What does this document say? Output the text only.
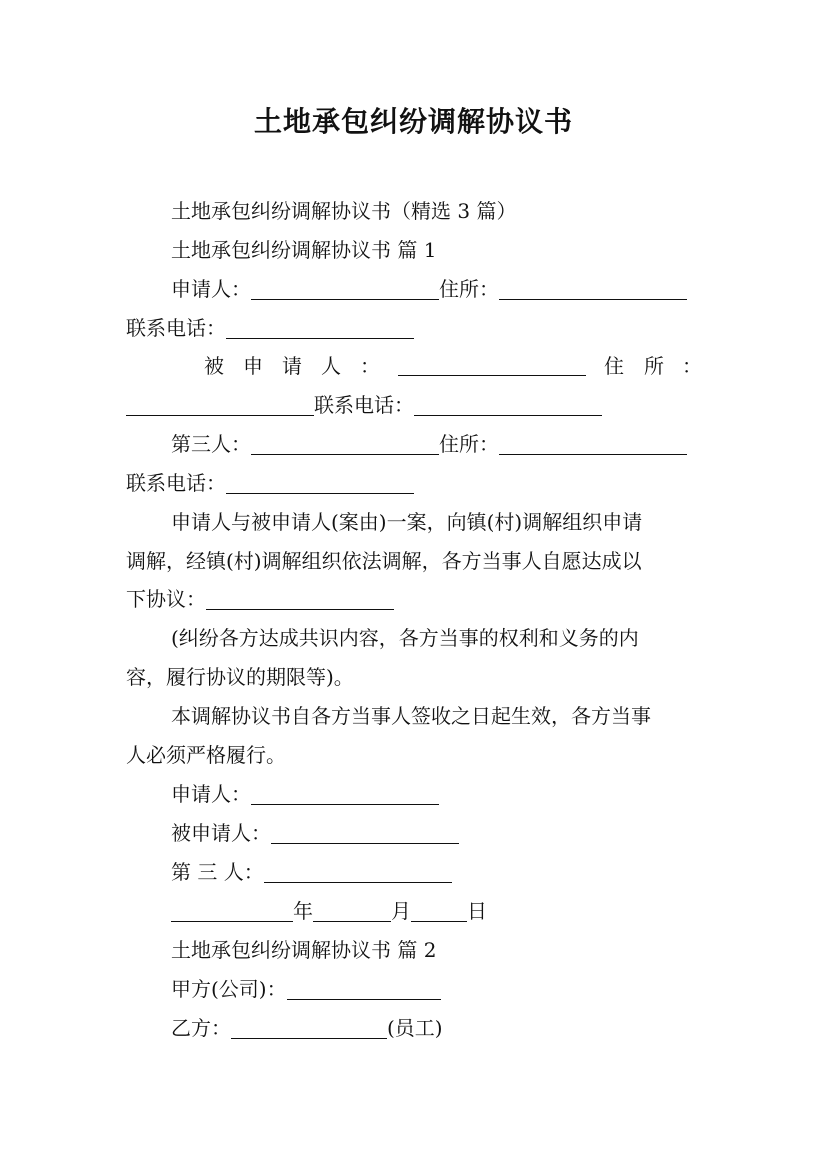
土地承包纠纷调解协议书
土地承包纠纷调解协议书（精选 3 篇）
土地承包纠纷调解协议书 篇 1
申请人：	住所：
联系电话：
被 申 请 人 ：	住 所 ：
联系电话：
第三人：	住所：
联系电话：
申请人与被申请人(案由)一案，向镇(村)调解组织申请
调解，经镇(村)调解组织依法调解，各方当事人自愿达成以
下协议：
(纠纷各方达成共识内容，各方当事的权利和义务的内
容，履行协议的期限等)。
本调解协议书自各方当事人签收之日起生效，各方当事
人必须严格履行。
申请人：
被申请人：
第 三 人：
年	月	日
土地承包纠纷调解协议书 篇 2
甲方(公司)：
乙方：	(员工)
